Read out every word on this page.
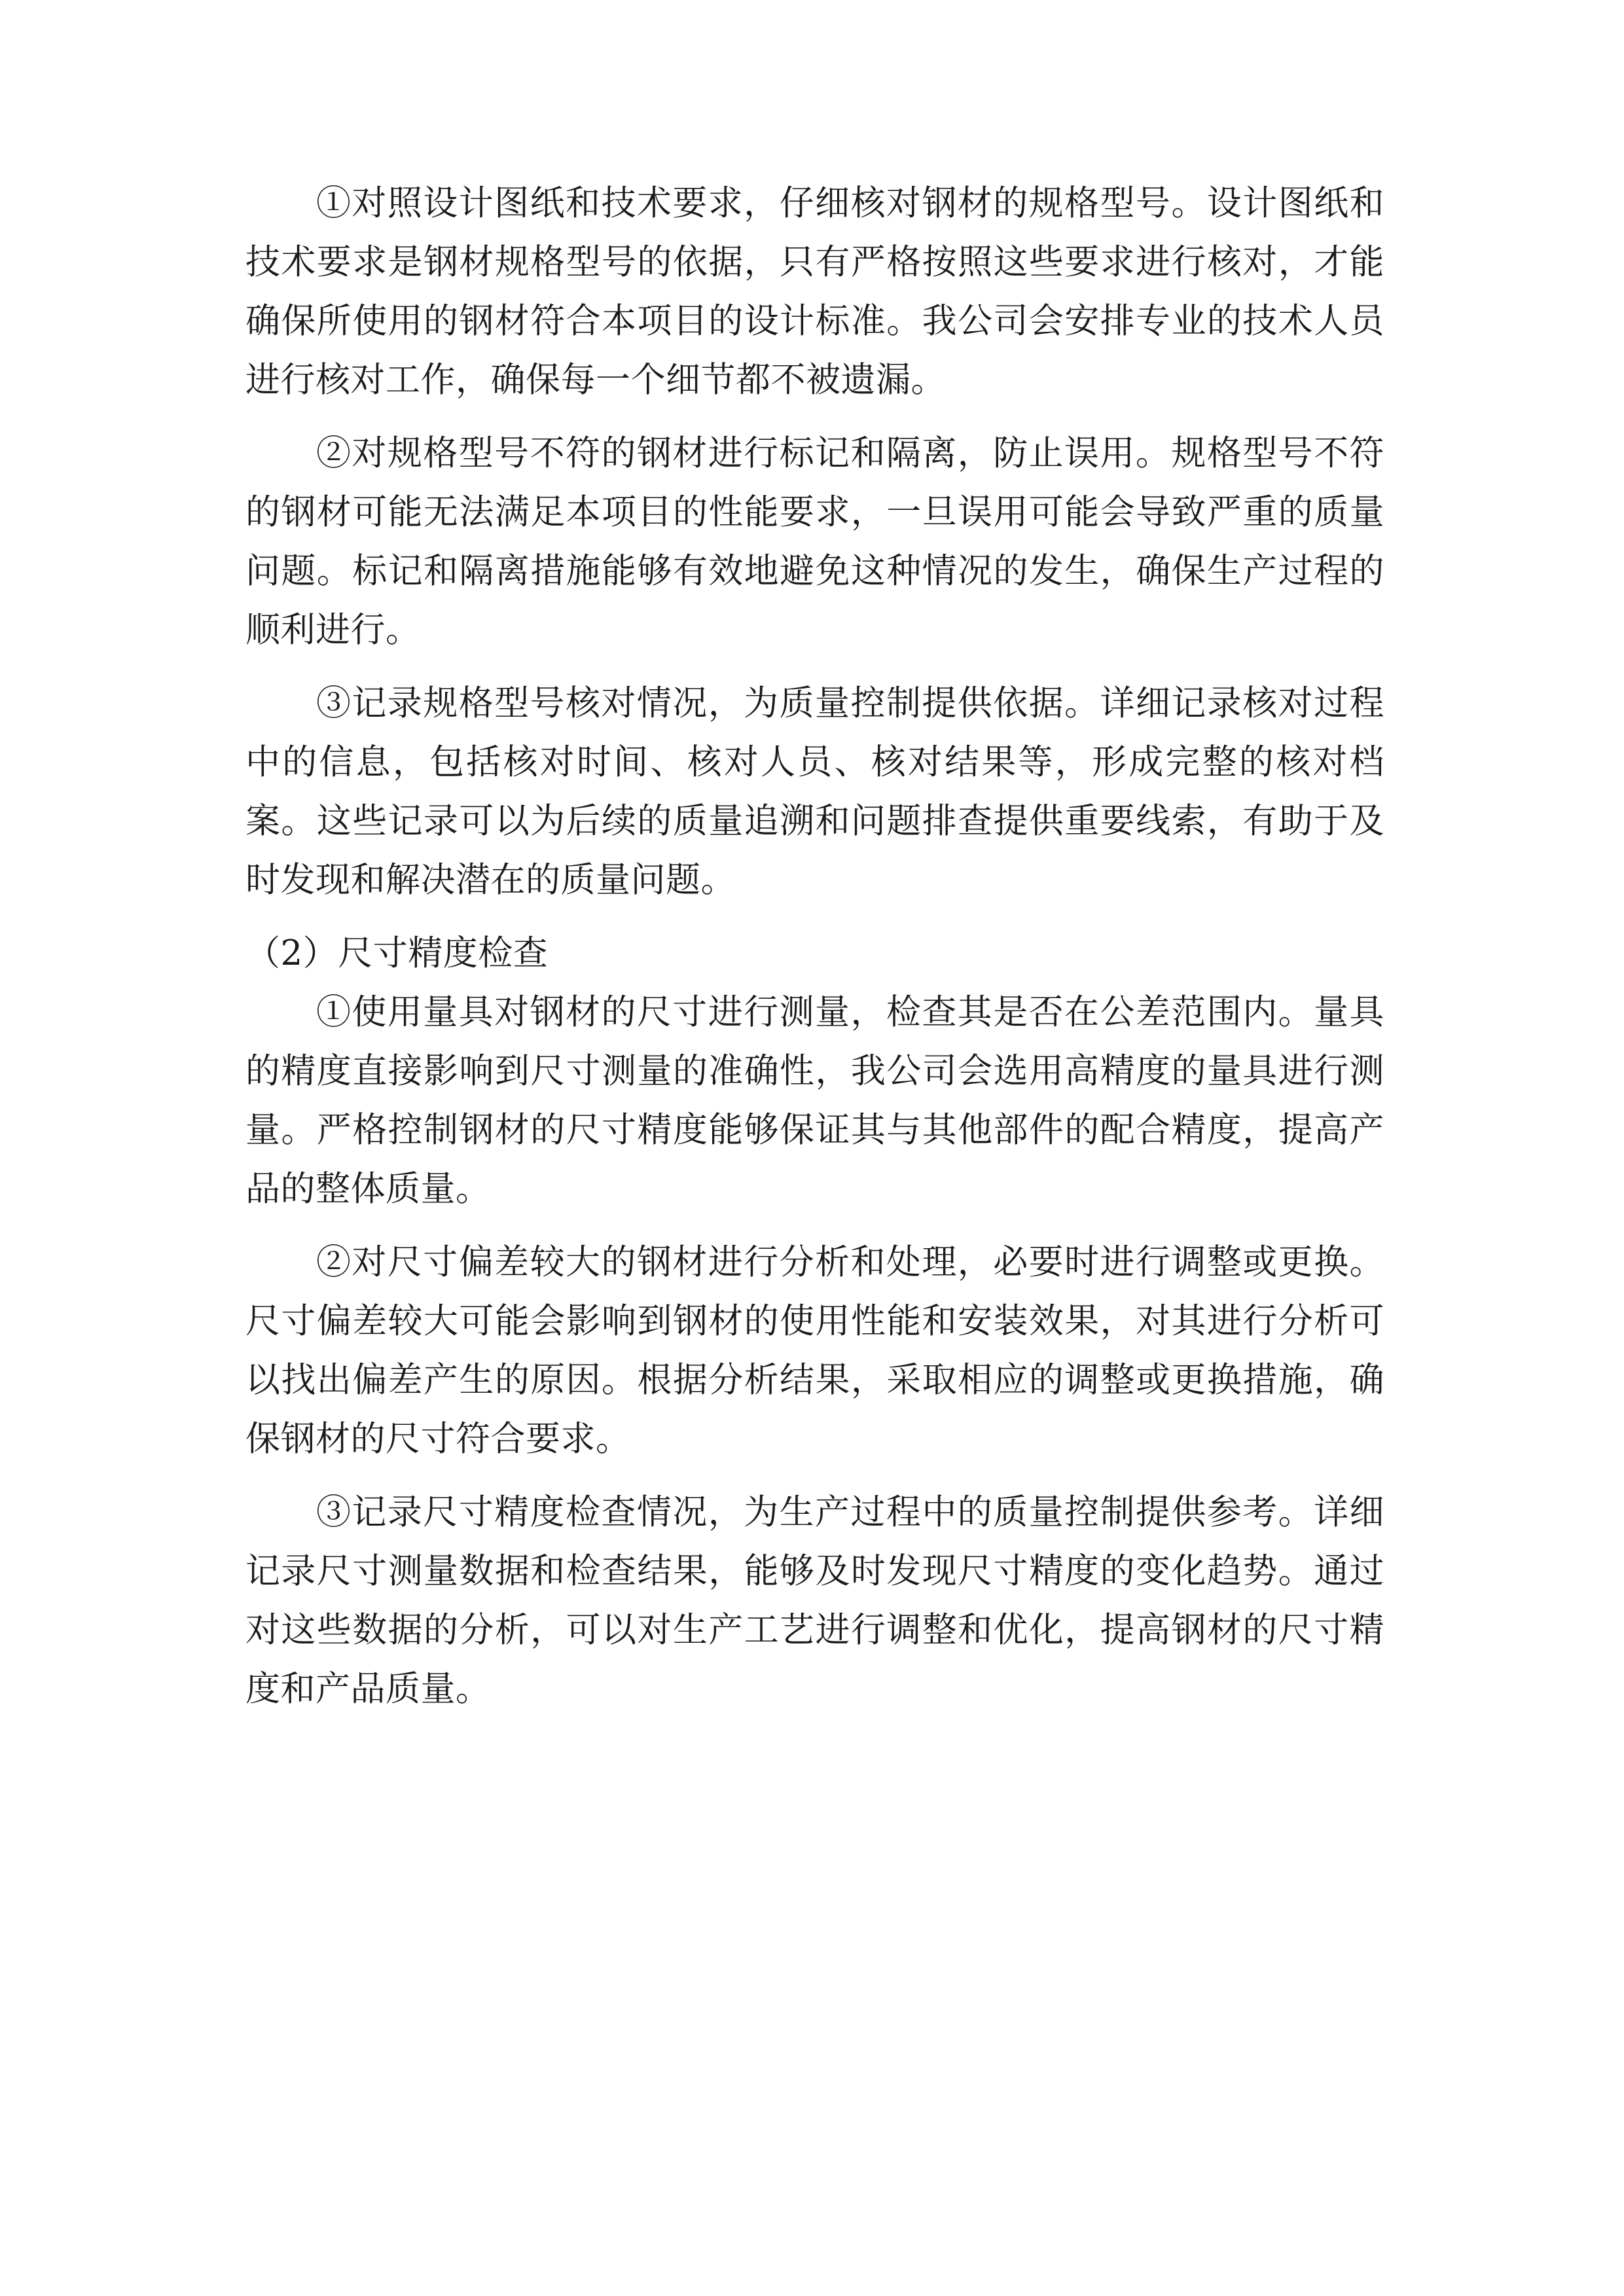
①对照设计图纸和技术要求，仔细核对钢材的规格型号。设计图纸和技术要求是钢材规格型号的依据，只有严格按照这些要求进行核对，才能确保所使用的钢材符合本项目的设计标准。我公司会安排专业的技术人员进行核对工作，确保每一个细节都不被遗漏。

②对规格型号不符的钢材进行标记和隔离，防止误用。规格型号不符的钢材可能无法满足本项目的性能要求，一旦误用可能会导致严重的质量问题。标记和隔离措施能够有效地避免这种情况的发生，确保生产过程的顺利进行。

③记录规格型号核对情况，为质量控制提供依据。详细记录核对过程中的信息，包括核对时间、核对人员、核对结果等，形成完整的核对档案。这些记录可以为后续的质量追溯和问题排查提供重要线索，有助于及时发现和解决潜在的质量问题。

（2）尺寸精度检查

①使用量具对钢材的尺寸进行测量，检查其是否在公差范围内。量具的精度直接影响到尺寸测量的准确性，我公司会选用高精度的量具进行测量。严格控制钢材的尺寸精度能够保证其与其他部件的配合精度，提高产品的整体质量。

②对尺寸偏差较大的钢材进行分析和处理，必要时进行调整或更换。尺寸偏差较大可能会影响到钢材的使用性能和安装效果，对其进行分析可以找出偏差产生的原因。根据分析结果，采取相应的调整或更换措施，确保钢材的尺寸符合要求。

③记录尺寸精度检查情况，为生产过程中的质量控制提供参考。详细记录尺寸测量数据和检查结果，能够及时发现尺寸精度的变化趋势。通过对这些数据的分析，可以对生产工艺进行调整和优化，提高钢材的尺寸精度和产品质量。
